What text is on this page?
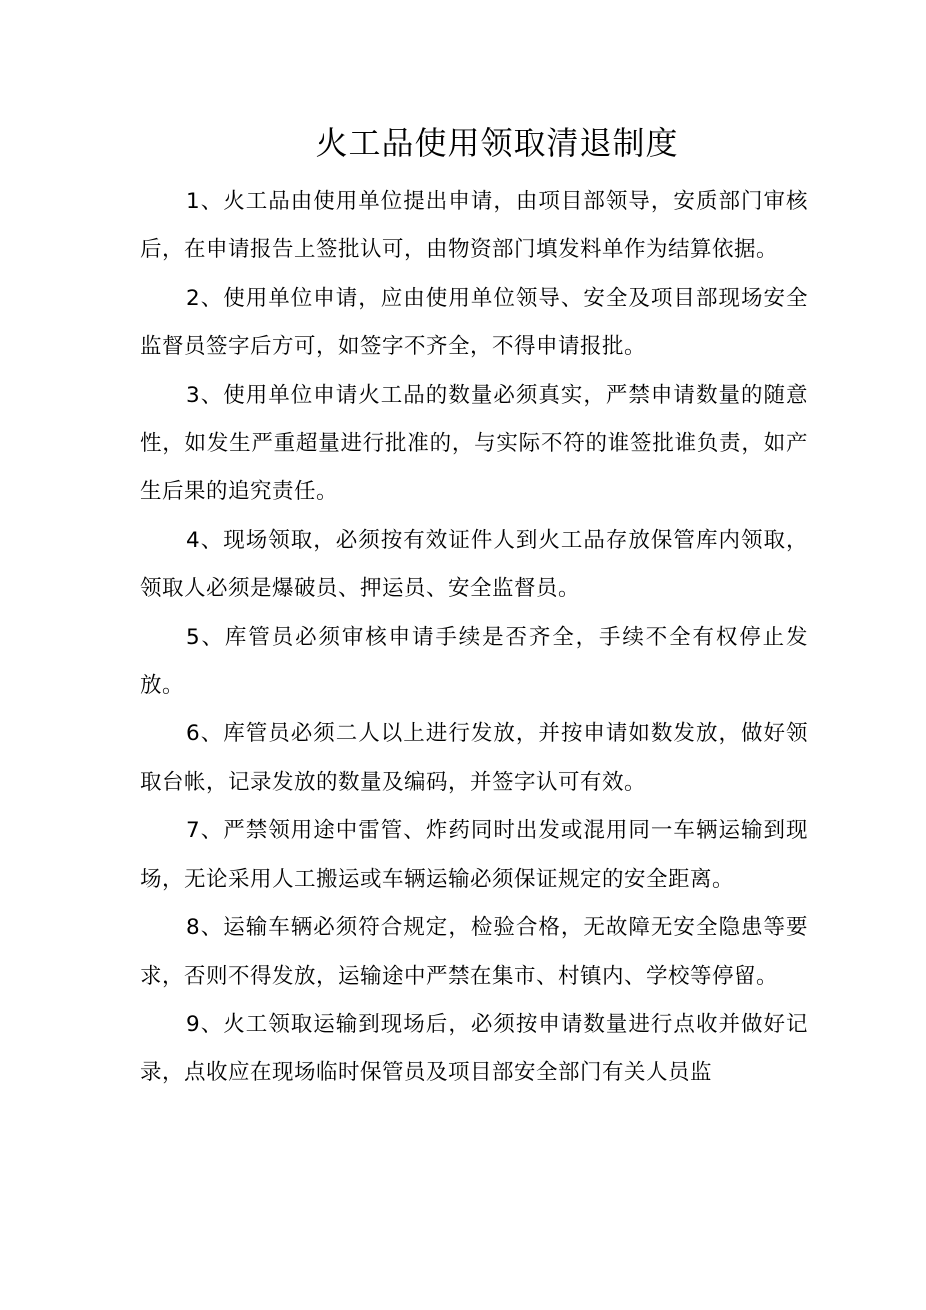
火工品使用领取清退制度

1、火工品由使用单位提出申请，由项目部领导，安质部门审核后，在申请报告上签批认可，由物资部门填发料单作为结算依据。

2、使用单位申请，应由使用单位领导、安全及项目部现场安全监督员签字后方可，如签字不齐全，不得申请报批。

3、使用单位申请火工品的数量必须真实，严禁申请数量的随意性，如发生严重超量进行批准的，与实际不符的谁签批谁负责，如产生后果的追究责任。

4、现场领取，必须按有效证件人到火工品存放保管库内领取，领取人必须是爆破员、押运员、安全监督员。

5、库管员必须审核申请手续是否齐全，手续不全有权停止发放。

6、库管员必须二人以上进行发放，并按申请如数发放，做好领取台帐，记录发放的数量及编码，并签字认可有效。

7、严禁领用途中雷管、炸药同时出发或混用同一车辆运输到现场，无论采用人工搬运或车辆运输必须保证规定的安全距离。

8、运输车辆必须符合规定，检验合格，无故障无安全隐患等要求，否则不得发放，运输途中严禁在集市、村镇内、学校等停留。

9、火工领取运输到现场后，必须按申请数量进行点收并做好记录，点收应在现场临时保管员及项目部安全部门有关人员监
